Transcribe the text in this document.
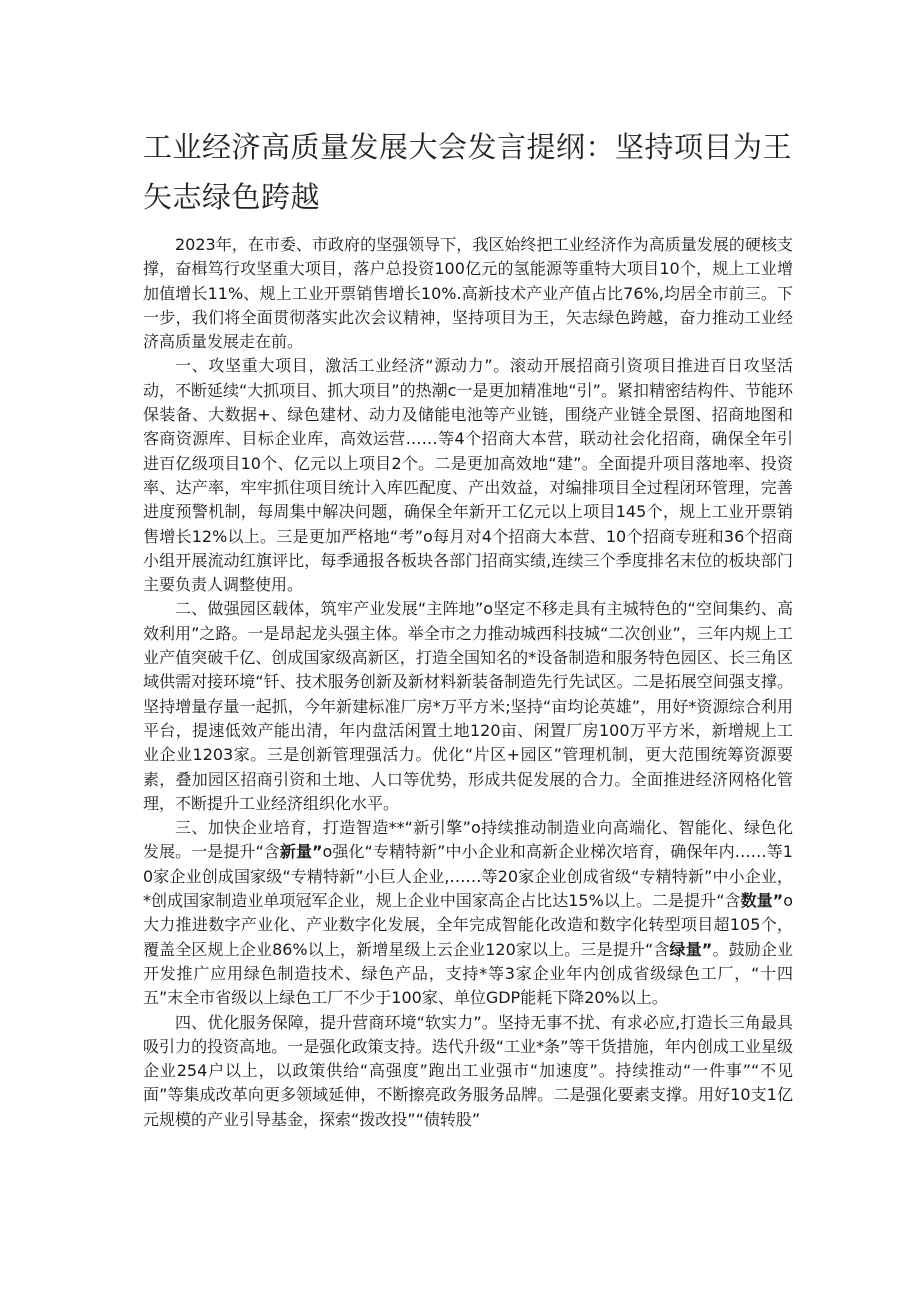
工业经济高质量发展大会发言提纲：坚持项目为王
矢志绿色跨越

2023年，在市委、市政府的坚强领导下，我区始终把工业经济作为高质量发展的硬核支撑，奋楫笃行攻坚重大项目，落户总投资100亿元的氢能源等重特大项目10个，规上工业增加值增长11%、规上工业开票销售增长10%.高新技术产业产值占比76%,均居全市前三。下一步，我们将全面贯彻落实此次会议精神，坚持项目为王，矢志绿色跨越，奋力推动工业经济高质量发展走在前。

一、攻坚重大项目，激活工业经济“源动力”。滚动开展招商引资项目推进百日攻坚活动，不断延续“大抓项目、抓大项目”的热潮c一是更加精准地“引”。紧扣精密结构件、节能环保装备、大数据+、绿色建材、动力及储能电池等产业链，围绕产业链全景图、招商地图和客商资源库、目标企业库，高效运营……等4个招商大本营，联动社会化招商，确保全年引进百亿级项目10个、亿元以上项目2个。二是更加高效地“建”。全面提升项目落地率、投资率、达产率，牢牢抓住项目统计入库匹配度、产出效益，对编排项目全过程闭环管理，完善进度预警机制，每周集中解决问题，确保全年新开工亿元以上项目145个，规上工业开票销售增长12%以上。三是更加严格地“考”o每月对4个招商大本营、10个招商专班和36个招商小组开展流动红旗评比，每季通报各板块各部门招商实绩,连续三个季度排名末位的板块部门主要负责人调整使用。

二、做强园区载体，筑牢产业发展“主阵地”o坚定不移走具有主城特色的“空间集约、高效利用”之路。一是昂起龙头强主体。举全市之力推动城西科技城“二次创业”，三年内规上工业产值突破千亿、创成国家级高新区，打造全国知名的*设备制造和服务特色园区、长三角区域供需对接环境“钎、技术服务创新及新材料新装备制造先行先试区。二是拓展空间强支撑。坚持增量存量一起抓，今年新建标准厂房*万平方米;坚持“亩均论英雄”，用好*资源综合利用平台，提速低效产能出清，年内盘活闲置土地120亩、闲置厂房100万平方米，新增规上工业企业1203家。三是创新管理强活力。优化“片区+园区”管理机制，更大范围统筹资源要素，叠加园区招商引资和土地、人口等优势，形成共促发展的合力。全面推进经济网格化管理，不断提升工业经济组织化水平。

三、加快企业培育，打造智造**“新引擎”o持续推动制造业向高端化、智能化、绿色化发展。一是提升“含新量”o强化“专精特新”中小企业和高新企业梯次培育，确保年内……等10家企业创成国家级“专精特新”小巨人企业,……等20家企业创成省级“专精特新”中小企业，*创成国家制造业单项冠军企业，规上企业中国家高企占比达15%以上。二是提升“含数量”o大力推进数字产业化、产业数字化发展，全年完成智能化改造和数字化转型项目超105个，覆盖全区规上企业86%以上，新增星级上云企业120家以上。三是提升“含绿量”。鼓励企业开发推广应用绿色制造技术、绿色产品，支持*等3家企业年内创成省级绿色工厂，“十四五”末全市省级以上绿色工厂不少于100家、单位GDP能耗下降20%以上。

四、优化服务保障，提升营商环境“软实力”。坚持无事不扰、有求必应,打造长三角最具吸引力的投资高地。一是强化政策支持。迭代升级“工业*条”等干货措施，年内创成工业星级企业254户以上，以政策供给“高强度”跑出工业强市“加速度”。持续推动“一件事”“不见面”等集成改革向更多领域延伸，不断擦亮政务服务品牌。二是强化要素支撑。用好10支1亿元规模的产业引导基金，探索“拨改投”“债转股”
